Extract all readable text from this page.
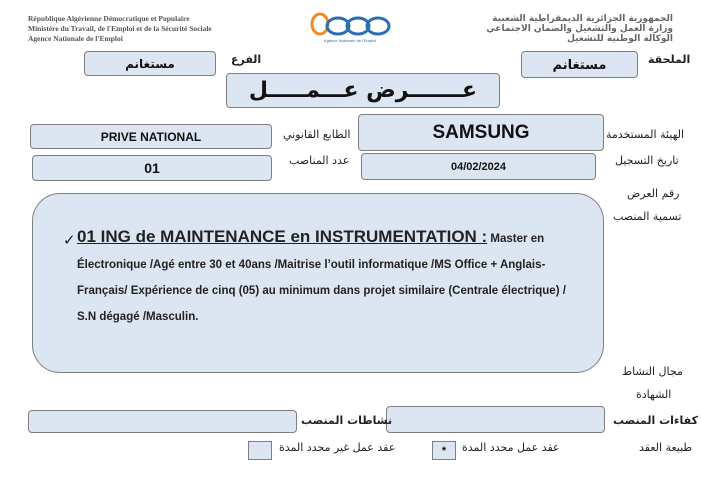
République Algérienne Démocratique et Populaire
Ministère du Travail, de l'Emploi et de la Sécurité Sociale
Agence Nationale de l'Emploi	Agence Nationale de l'Emploi
الجمهورية الجزائرية الديمقراطية الشعبية
وزارة العمل والتشغيل والضمان الاجتماعي
الوكالة الوطنية للتشغيل
الملحقة
مستغانم
الفرع
مستغانم
عـــــــرض عـــمـــــل
الهيئة المستخدمة
SAMSUNG
الطابع القانوني
PRIVE NATIONAL
تاريخ التسجيل
04/02/2024
عدد المناصب
01
رقم العرض
تسمية المنصب
✓ 01 ING de MAINTENANCE en INSTRUMENTATION : Master en
Électronique /Agé entre 30 et 40ans /Maitrise l’outil informatique /MS Office + Anglais-
Français/ Expérience de cinq (05) au minimum dans projet similaire (Centrale électrique) /
S.N dégagé /Masculin.
مجال النشاط
الشهادة
كفاءات المنصب
نشاطات المنصب
طبيعة العقد
عقد عمل محدد المدة
*
عقد عمل غير محدد المدة
